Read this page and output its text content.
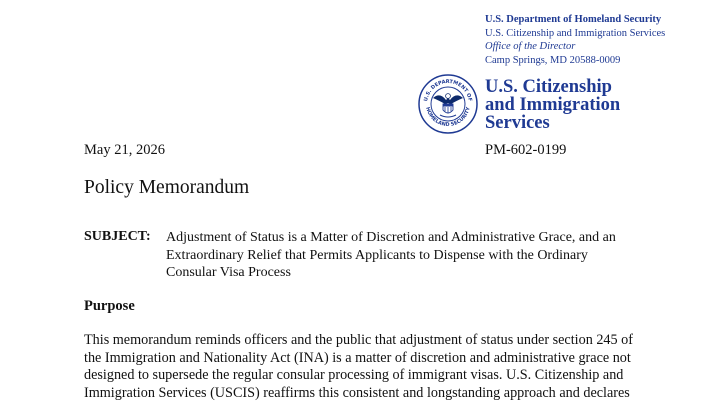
U.S. Department of Homeland Security
U.S. Citizenship and Immigration Services
Office of the Director
Camp Springs, MD 20588-0009
U.S. DEPARTMENT OF
HOMELAND SECURITY
U.S. Citizenship
and Immigration
Services
May 21, 2026	PM-602-0199
Policy Memorandum
SUBJECT: Adjustment of Status is a Matter of Discretion and Administrative Grace, and an
Extraordinary Relief that Permits Applicants to Dispense with the Ordinary
Consular Visa Process
Purpose
This memorandum reminds officers and the public that adjustment of status under section 245 of
the Immigration and Nationality Act (INA) is a matter of discretion and administrative grace not
designed to supersede the regular consular processing of immigrant visas. U.S. Citizenship and
Immigration Services (USCIS) reaffirms this consistent and longstanding approach and declares
